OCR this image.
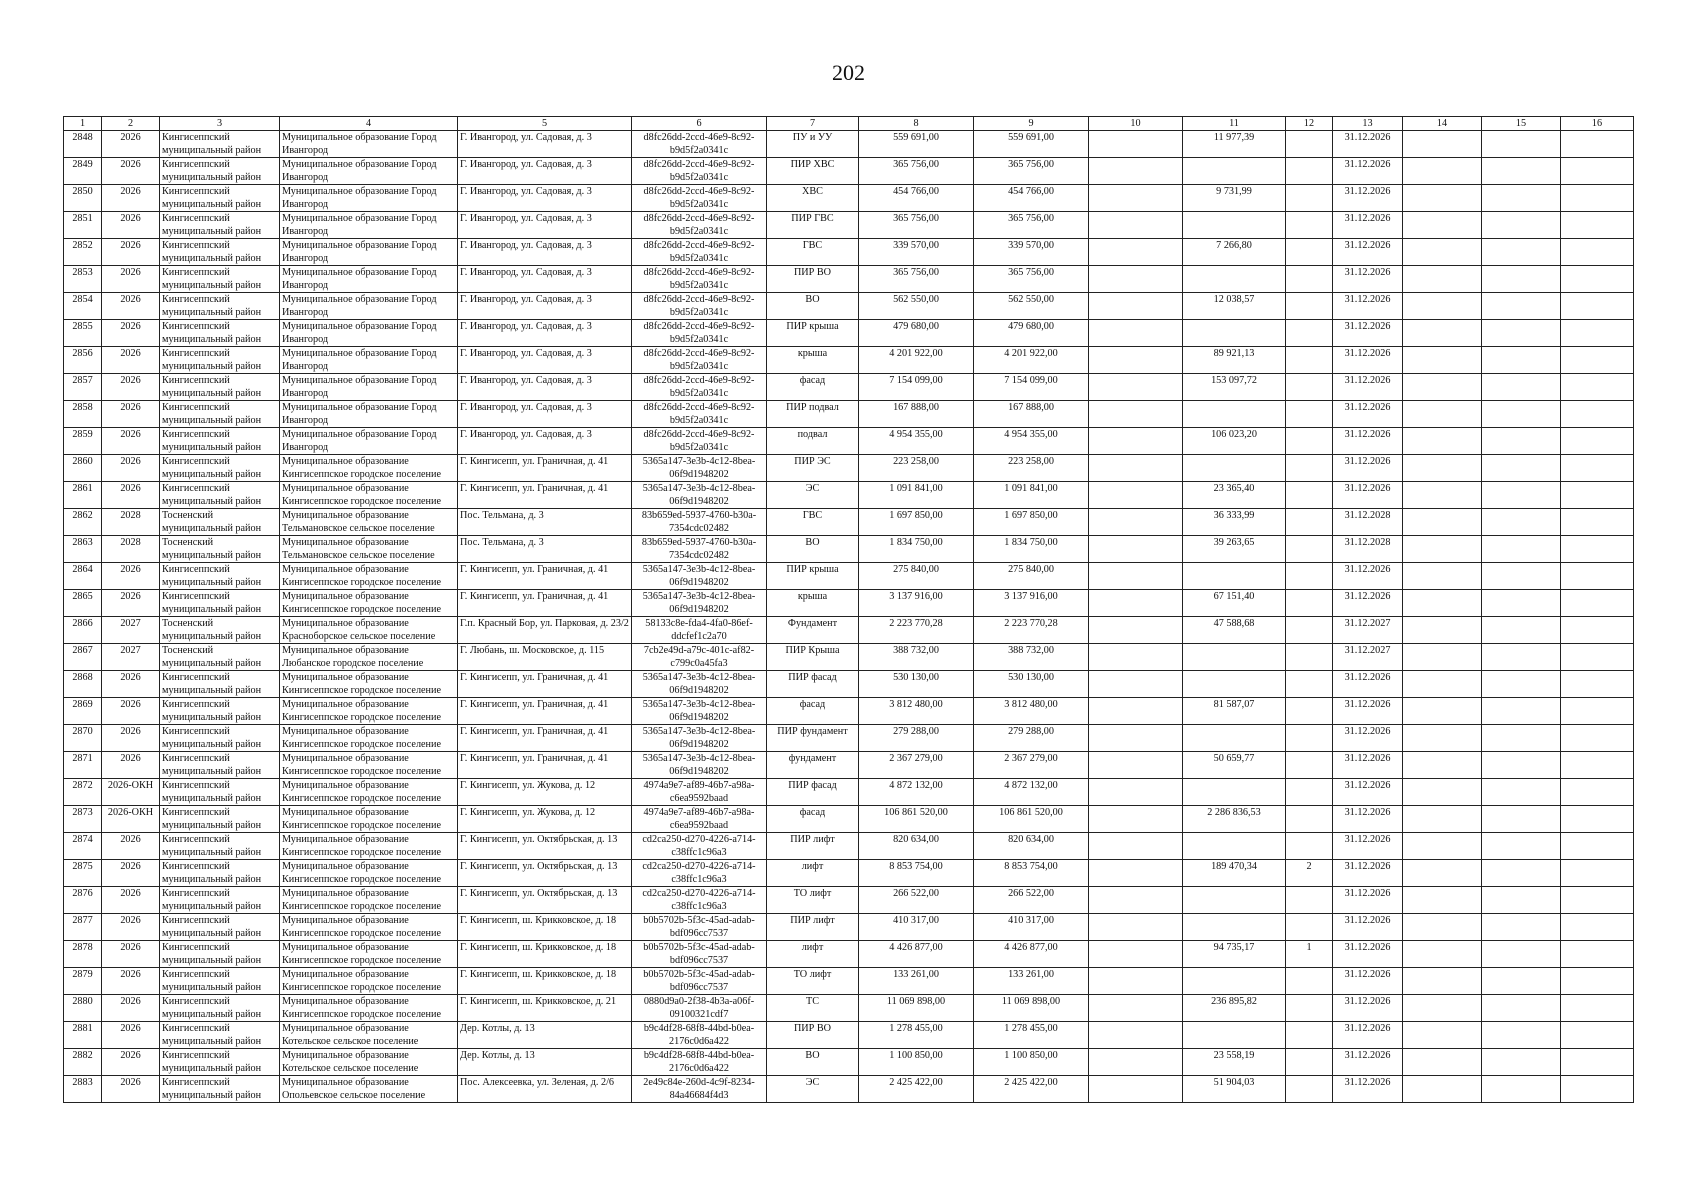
202
1	2	3	4	5	6	7	8	9	10	11	12	13	14	15	16
2848	2026	Кингисеппский муниципальный район	Муниципальное образование Город Ивангород	Г. Ивангород, ул. Садовая, д. 3	d8fc26dd-2ccd-46e9-8c92-b9d5f2a0341c	ПУ и УУ	559 691,00	559 691,00		11 977,39		31.12.2026			
2849	2026	Кингисеппский муниципальный район	Муниципальное образование Город Ивангород	Г. Ивангород, ул. Садовая, д. 3	d8fc26dd-2ccd-46e9-8c92-b9d5f2a0341c	ПИР ХВС	365 756,00	365 756,00				31.12.2026			
2850	2026	Кингисеппский муниципальный район	Муниципальное образование Город Ивангород	Г. Ивангород, ул. Садовая, д. 3	d8fc26dd-2ccd-46e9-8c92-b9d5f2a0341c	ХВС	454 766,00	454 766,00		9 731,99		31.12.2026			
2851	2026	Кингисеппский муниципальный район	Муниципальное образование Город Ивангород	Г. Ивангород, ул. Садовая, д. 3	d8fc26dd-2ccd-46e9-8c92-b9d5f2a0341c	ПИР ГВС	365 756,00	365 756,00				31.12.2026			
2852	2026	Кингисеппский муниципальный район	Муниципальное образование Город Ивангород	Г. Ивангород, ул. Садовая, д. 3	d8fc26dd-2ccd-46e9-8c92-b9d5f2a0341c	ГВС	339 570,00	339 570,00		7 266,80		31.12.2026			
2853	2026	Кингисеппский муниципальный район	Муниципальное образование Город Ивангород	Г. Ивангород, ул. Садовая, д. 3	d8fc26dd-2ccd-46e9-8c92-b9d5f2a0341c	ПИР ВО	365 756,00	365 756,00				31.12.2026			
2854	2026	Кингисеппский муниципальный район	Муниципальное образование Город Ивангород	Г. Ивангород, ул. Садовая, д. 3	d8fc26dd-2ccd-46e9-8c92-b9d5f2a0341c	ВО	562 550,00	562 550,00		12 038,57		31.12.2026			
2855	2026	Кингисеппский муниципальный район	Муниципальное образование Город Ивангород	Г. Ивангород, ул. Садовая, д. 3	d8fc26dd-2ccd-46e9-8c92-b9d5f2a0341c	ПИР крыша	479 680,00	479 680,00				31.12.2026			
2856	2026	Кингисеппский муниципальный район	Муниципальное образование Город Ивангород	Г. Ивангород, ул. Садовая, д. 3	d8fc26dd-2ccd-46e9-8c92-b9d5f2a0341c	крыша	4 201 922,00	4 201 922,00		89 921,13		31.12.2026			
2857	2026	Кингисеппский муниципальный район	Муниципальное образование Город Ивангород	Г. Ивангород, ул. Садовая, д. 3	d8fc26dd-2ccd-46e9-8c92-b9d5f2a0341c	фасад	7 154 099,00	7 154 099,00		153 097,72		31.12.2026			
2858	2026	Кингисеппский муниципальный район	Муниципальное образование Город Ивангород	Г. Ивангород, ул. Садовая, д. 3	d8fc26dd-2ccd-46e9-8c92-b9d5f2a0341c	ПИР подвал	167 888,00	167 888,00				31.12.2026			
2859	2026	Кингисеппский муниципальный район	Муниципальное образование Город Ивангород	Г. Ивангород, ул. Садовая, д. 3	d8fc26dd-2ccd-46e9-8c92-b9d5f2a0341c	подвал	4 954 355,00	4 954 355,00		106 023,20		31.12.2026			
2860	2026	Кингисеппский муниципальный район	Муниципальное образование Кингисеппское городское поселение	Г. Кингисепп, ул. Граничная, д. 41	5365a147-3e3b-4c12-8bea-06f9d1948202	ПИР ЭС	223 258,00	223 258,00				31.12.2026			
2861	2026	Кингисеппский муниципальный район	Муниципальное образование Кингисеппское городское поселение	Г. Кингисепп, ул. Граничная, д. 41	5365a147-3e3b-4c12-8bea-06f9d1948202	ЭС	1 091 841,00	1 091 841,00		23 365,40		31.12.2026			
2862	2028	Тосненский муниципальный район	Муниципальное образование Тельмановское сельское поселение	Пос. Тельмана, д. 3	83b659ed-5937-4760-b30a-7354cdc02482	ГВС	1 697 850,00	1 697 850,00		36 333,99		31.12.2028			
2863	2028	Тосненский муниципальный район	Муниципальное образование Тельмановское сельское поселение	Пос. Тельмана, д. 3	83b659ed-5937-4760-b30a-7354cdc02482	ВО	1 834 750,00	1 834 750,00		39 263,65		31.12.2028			
2864	2026	Кингисеппский муниципальный район	Муниципальное образование Кингисеппское городское поселение	Г. Кингисепп, ул. Граничная, д. 41	5365a147-3e3b-4c12-8bea-06f9d1948202	ПИР крыша	275 840,00	275 840,00				31.12.2026			
2865	2026	Кингисеппский муниципальный район	Муниципальное образование Кингисеппское городское поселение	Г. Кингисепп, ул. Граничная, д. 41	5365a147-3e3b-4c12-8bea-06f9d1948202	крыша	3 137 916,00	3 137 916,00		67 151,40		31.12.2026			
2866	2027	Тосненский муниципальный район	Муниципальное образование Красноборское сельское поселение	Г.п. Красный Бор, ул. Парковая, д. 23/2	58133c8e-fda4-4fa0-86ef-ddcfef1c2a70	Фундамент	2 223 770,28	2 223 770,28		47 588,68		31.12.2027			
2867	2027	Тосненский муниципальный район	Муниципальное образование Любанское городское поселение	Г. Любань, ш. Московское, д. 115	7cb2e49d-a79c-401c-af82-c799c0a45fa3	ПИР Крыша	388 732,00	388 732,00				31.12.2027			
2868	2026	Кингисеппский муниципальный район	Муниципальное образование Кингисеппское городское поселение	Г. Кингисепп, ул. Граничная, д. 41	5365a147-3e3b-4c12-8bea-06f9d1948202	ПИР фасад	530 130,00	530 130,00				31.12.2026			
2869	2026	Кингисеппский муниципальный район	Муниципальное образование Кингисеппское городское поселение	Г. Кингисепп, ул. Граничная, д. 41	5365a147-3e3b-4c12-8bea-06f9d1948202	фасад	3 812 480,00	3 812 480,00		81 587,07		31.12.2026			
2870	2026	Кингисеппский муниципальный район	Муниципальное образование Кингисеппское городское поселение	Г. Кингисепп, ул. Граничная, д. 41	5365a147-3e3b-4c12-8bea-06f9d1948202	ПИР фундамент	279 288,00	279 288,00				31.12.2026			
2871	2026	Кингисеппский муниципальный район	Муниципальное образование Кингисеппское городское поселение	Г. Кингисепп, ул. Граничная, д. 41	5365a147-3e3b-4c12-8bea-06f9d1948202	фундамент	2 367 279,00	2 367 279,00		50 659,77		31.12.2026			
2872	2026-ОКН	Кингисеппский муниципальный район	Муниципальное образование Кингисеппское городское поселение	Г. Кингисепп, ул. Жукова, д. 12	4974a9e7-af89-46b7-a98a-c6ea9592baad	ПИР фасад	4 872 132,00	4 872 132,00				31.12.2026			
2873	2026-ОКН	Кингисеппский муниципальный район	Муниципальное образование Кингисеппское городское поселение	Г. Кингисепп, ул. Жукова, д. 12	4974a9e7-af89-46b7-a98a-c6ea9592baad	фасад	106 861 520,00	106 861 520,00		2 286 836,53		31.12.2026			
2874	2026	Кингисеппский муниципальный район	Муниципальное образование Кингисеппское городское поселение	Г. Кингисепп, ул. Октябрьская, д. 13	cd2ca250-d270-4226-a714-c38ffc1c96a3	ПИР лифт	820 634,00	820 634,00				31.12.2026			
2875	2026	Кингисеппский муниципальный район	Муниципальное образование Кингисеппское городское поселение	Г. Кингисепп, ул. Октябрьская, д. 13	cd2ca250-d270-4226-a714-c38ffc1c96a3	лифт	8 853 754,00	8 853 754,00		189 470,34	2	31.12.2026			
2876	2026	Кингисеппский муниципальный район	Муниципальное образование Кингисеппское городское поселение	Г. Кингисепп, ул. Октябрьская, д. 13	cd2ca250-d270-4226-a714-c38ffc1c96a3	ТО лифт	266 522,00	266 522,00				31.12.2026			
2877	2026	Кингисеппский муниципальный район	Муниципальное образование Кингисеппское городское поселение	Г. Кингисепп, ш. Крикковское, д. 18	b0b5702b-5f3c-45ad-adab-bdf096cc7537	ПИР лифт	410 317,00	410 317,00				31.12.2026			
2878	2026	Кингисеппский муниципальный район	Муниципальное образование Кингисеппское городское поселение	Г. Кингисепп, ш. Крикковское, д. 18	b0b5702b-5f3c-45ad-adab-bdf096cc7537	лифт	4 426 877,00	4 426 877,00		94 735,17	1	31.12.2026			
2879	2026	Кингисеппский муниципальный район	Муниципальное образование Кингисеппское городское поселение	Г. Кингисепп, ш. Крикковское, д. 18	b0b5702b-5f3c-45ad-adab-bdf096cc7537	ТО лифт	133 261,00	133 261,00				31.12.2026			
2880	2026	Кингисеппский муниципальный район	Муниципальное образование Кингисеппское городское поселение	Г. Кингисепп, ш. Крикковское, д. 21	0880d9a0-2f38-4b3a-a06f-09100321cdf7	ТС	11 069 898,00	11 069 898,00		236 895,82		31.12.2026			
2881	2026	Кингисеппский муниципальный район	Муниципальное образование Котельское сельское поселение	Дер. Котлы, д. 13	b9c4df28-68f8-44bd-b0ea-2176c0d6a422	ПИР ВО	1 278 455,00	1 278 455,00				31.12.2026			
2882	2026	Кингисеппский муниципальный район	Муниципальное образование Котельское сельское поселение	Дер. Котлы, д. 13	b9c4df28-68f8-44bd-b0ea-2176c0d6a422	ВО	1 100 850,00	1 100 850,00		23 558,19		31.12.2026			
2883	2026	Кингисеппский муниципальный район	Муниципальное образование Опольевское сельское поселение	Пос. Алексеевка, ул. Зеленая, д. 2/6	2e49c84e-260d-4c9f-8234-84a46684f4d3	ЭС	2 425 422,00	2 425 422,00		51 904,03		31.12.2026			
